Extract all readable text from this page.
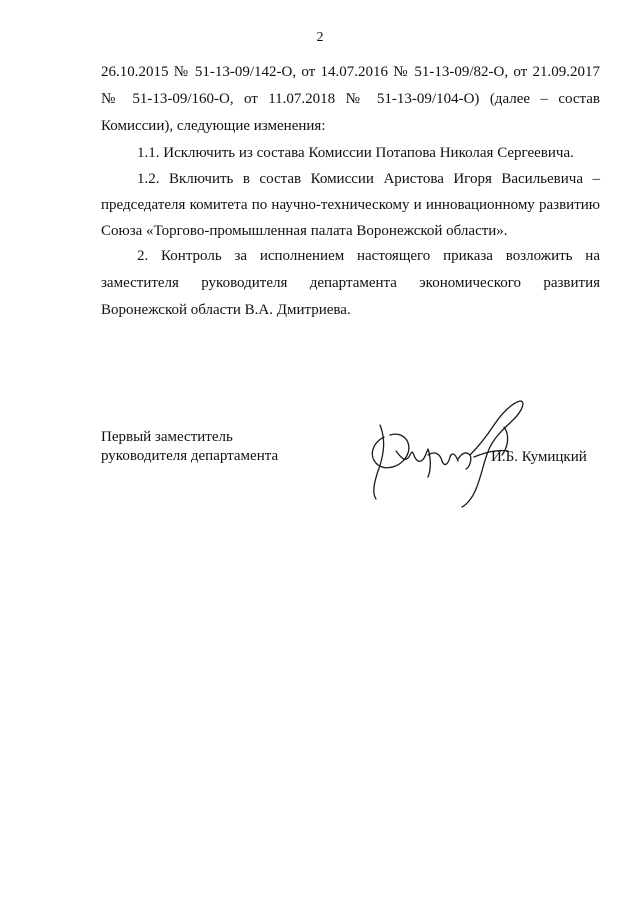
2
26.10.2015 № 51-13-09/142-О, от 14.07.2016 № 51-13-09/82-О, от 21.09.2017
№ 51-13-09/160-О, от 11.07.2018 № 51-13-09/104-О) (далее – состав
Комиссии), следующие изменения:
1.1. Исключить из состава Комиссии Потапова Николая Сергеевича.
1.2. Включить в состав Комиссии Аристова Игоря Васильевича –
председателя комитета по научно-техническому и инновационному развитию
Союза «Торгово-промышленная палата Воронежской области».
2. Контроль за исполнением настоящего приказа возложить на
заместителя руководителя департамента экономического развития
Воронежской области В.А. Дмитриева.
Первый заместитель
руководителя департамента	И.Б. Кумицкий
